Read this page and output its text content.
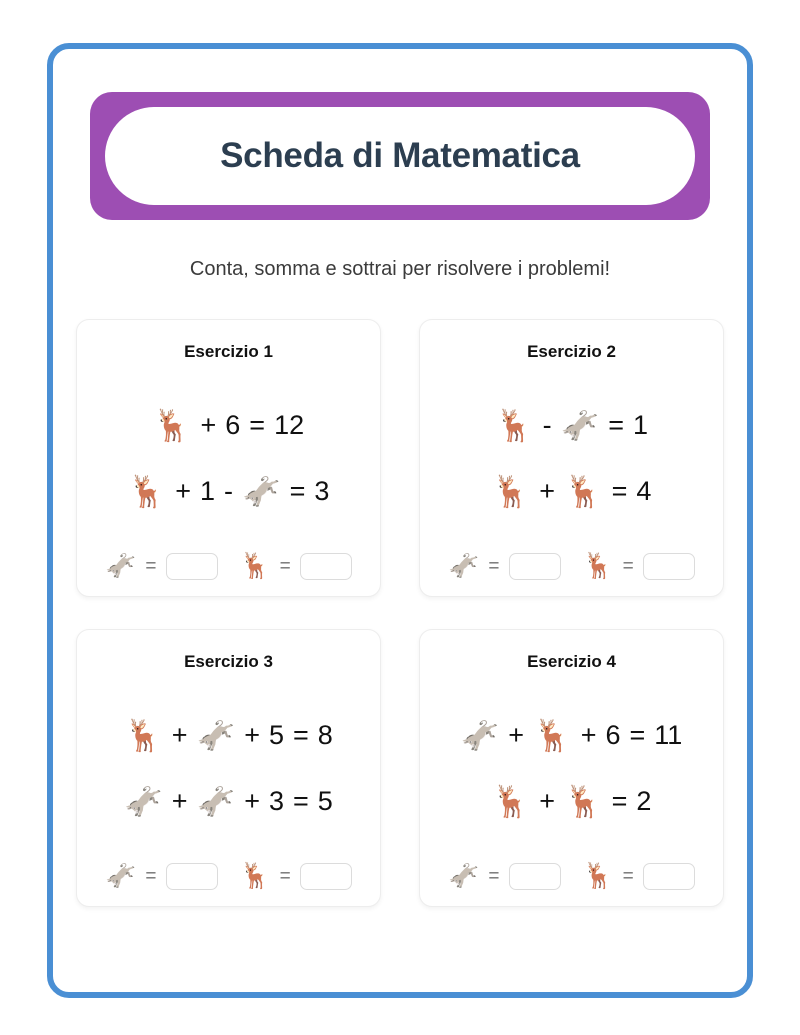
Scheda di Matematica
Conta, somma e sottrai per risolvere i problemi!
Esercizio 1
🦌 + 6 = 12
🦌 + 1 - 🫏 = 3
🫏 =	🦌 =
Esercizio 2
🦌 - 🫏 = 1
🦌 + 🦌 = 4
🫏 =	🦌 =
Esercizio 3
🦌 + 🫏 + 5 = 8
🫏 + 🫏 + 3 = 5
🫏 =	🦌 =
Esercizio 4
🫏 + 🦌 + 6 = 11
🦌 + 🦌 = 2
🫏 =	🦌 =
